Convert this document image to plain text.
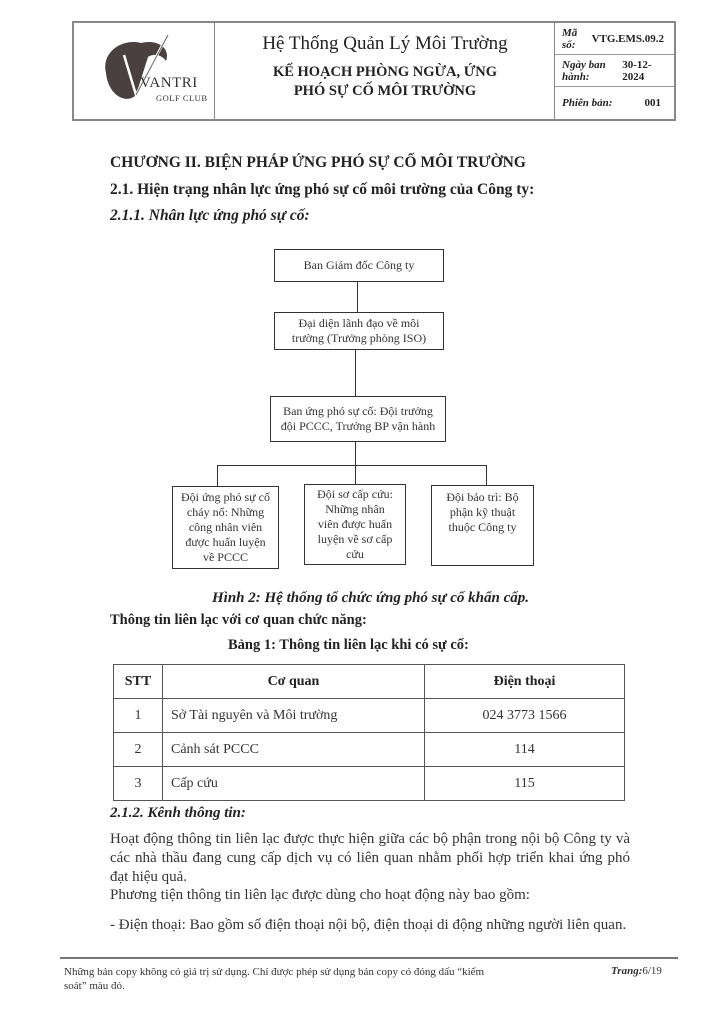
VANTRI
GOLF CLUB
Hệ Thống Quản Lý Môi Trường
KẾ HOẠCH PHÒNG NGỪA, ỨNG
PHÓ SỰ CỐ MÔI TRƯỜNG
Mã số:	VTG.EMS.09.2
Ngày ban hành:
30-12-2024
Phiên bản:	001
CHƯƠNG II. BIỆN PHÁP ỨNG PHÓ SỰ CỐ MÔI TRƯỜNG
2.1. Hiện trạng nhân lực ứng phó sự cố môi trường của Công ty:
2.1.1. Nhân lực ứng phó sự cố:
Ban Giám đốc Công ty
Đại diện lãnh đạo về môi trường (Trưởng phòng ISO)
Ban ứng phó sự cố: Đội trưởng đội PCCC, Trưởng BP vận hành
Đội ứng phó sự cố cháy nổ: Những công nhân viên được huấn luyện về PCCC
Đội sơ cấp cứu: Những nhân viên được huấn luyện về sơ cấp cứu
Đội bảo trì: Bộ phận kỹ thuật thuộc Công ty
Hình 2: Hệ thống tổ chức ứng phó sự cố khẩn cấp.
Thông tin liên lạc với cơ quan chức năng:
Bảng 1: Thông tin liên lạc khi có sự cố:
STT	Cơ quan	Điện thoại
1	Sở Tài nguyên và Môi trường	024 3773 1566
2	Cảnh sát PCCC	114
3	Cấp cứu	115
2.1.2. Kênh thông tin:
Hoạt động thông tin liên lạc được thực hiện giữa các bộ phận trong nội bộ Công ty và các nhà thầu đang cung cấp dịch vụ có liên quan nhằm phối hợp triển khai ứng phó đạt hiệu quả.
Phương tiện thông tin liên lạc được dùng cho hoạt động này bao gồm:
- Điện thoại: Bao gồm số điện thoại nội bộ, điện thoại di động những người liên quan.
Những bản copy không có giá trị sử dụng. Chỉ được phép sử dụng bản copy có đóng dấu “kiểm soát” màu đỏ.
Trang:6/19
